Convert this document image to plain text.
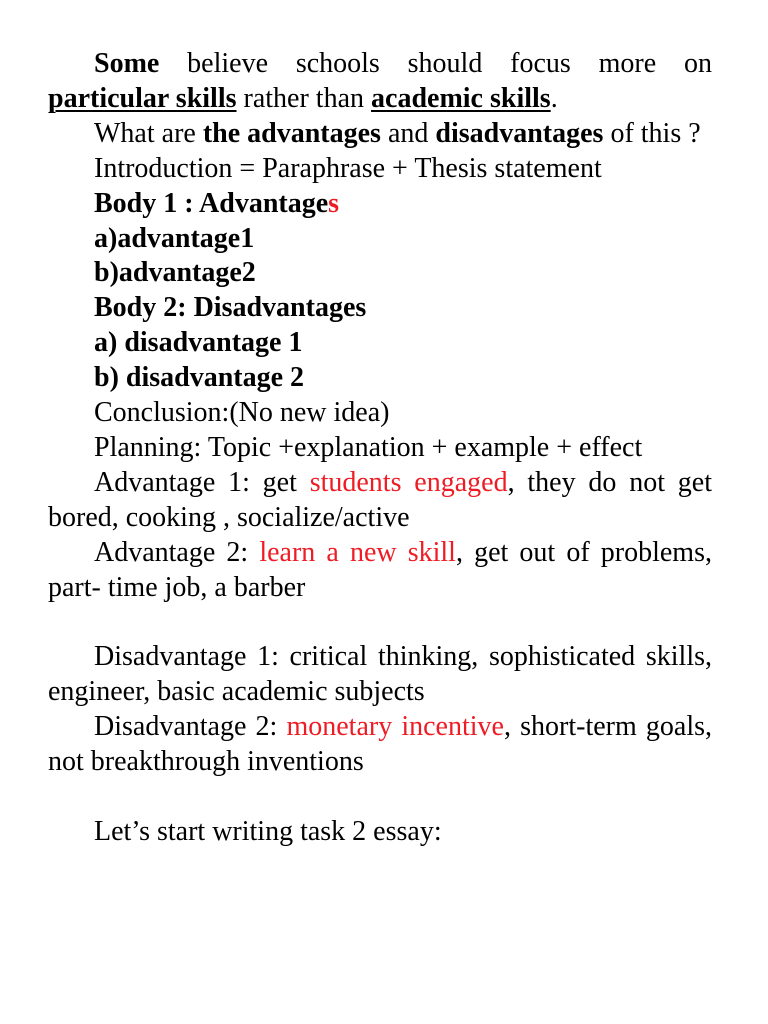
Some believe schools should focus more on particular skills rather than academic skills.

What are the advantages and disadvantages of this ?

Introduction = Paraphrase + Thesis statement

Body 1 : Advantages

a)advantage1

b)advantage2

Body 2: Disadvantages

a) disadvantage 1

b) disadvantage 2

Conclusion:(No new idea)

Planning: Topic +explanation + example + effect

Advantage 1: get students engaged, they do not get bored, cooking , socialize/active

Advantage 2: learn a new skill, get out of problems, part- time job, a barber

Disadvantage 1: critical thinking, sophisticated skills, engineer, basic academic subjects

Disadvantage 2: monetary incentive, short-term goals, not breakthrough inventions

Let’s start writing task 2 essay:
